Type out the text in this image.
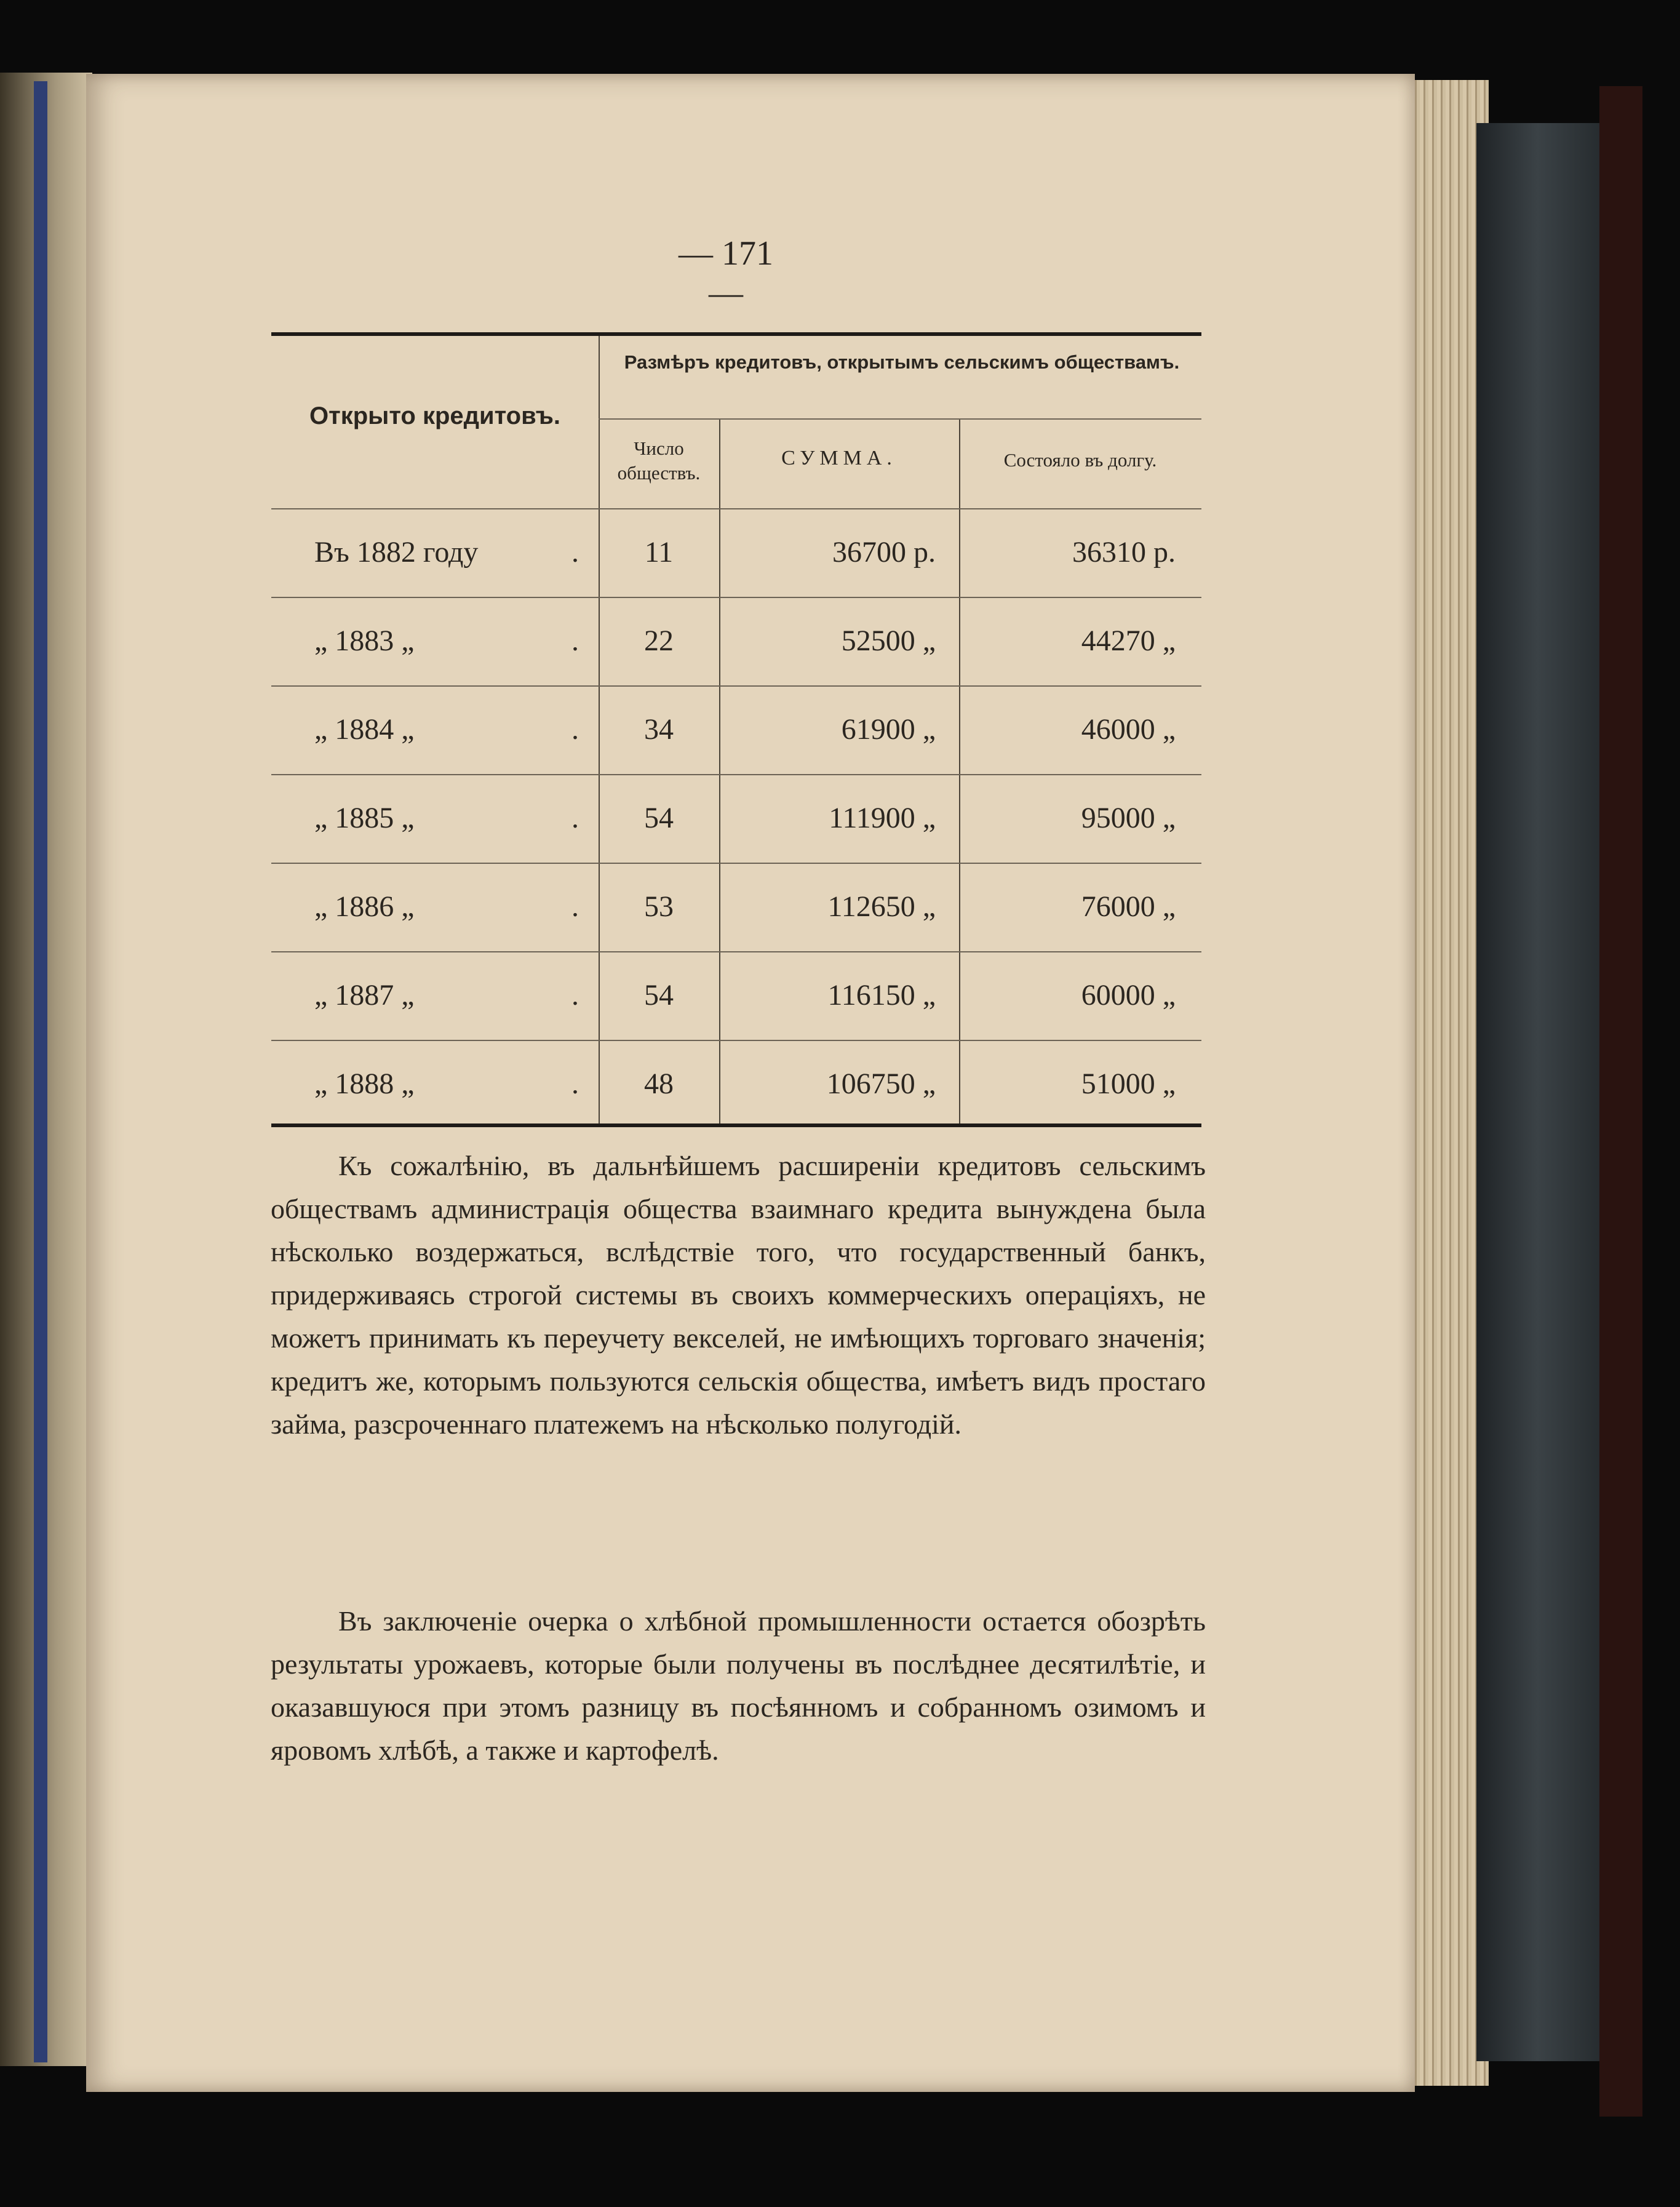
— 171 —
Открыто кредитовъ.
Размѣръ кредитовъ, открытымъ сельскимъ обществамъ.
Число
обществъ.
СУММА.	Состояло въ долгу.
Въ 1882 году	.	11	36700 р.	36310 р.
„ 1883 „	.	22	52500 „	44270 „
„ 1884 „	.	34	61900 „	46000 „
„ 1885 „	.	54	111900 „	95000 „
„ 1886 „	.	53	112650 „	76000 „
„ 1887 „	.	54	116150 „	60000 „
„ 1888 „	.	48	106750 „	51000 „

Къ сожалѣнію, въ дальнѣйшемъ расширеніи кредитовъ сельскимъ обществамъ администрація общества взаимнаго кредита вынуждена была нѣсколько воздержаться, вслѣдствіе того, что государственный банкъ, придерживаясь строгой системы въ своихъ коммерческихъ операціяхъ, не можетъ принимать къ переучету векселей, не имѣющихъ торговаго значенія; кредитъ же, которымъ пользуются сельскія общества, имѣетъ видъ простаго займа, разсроченнаго платежемъ на нѣсколько полугодій.

Въ заключеніе очерка о хлѣбной промышленности остается обозрѣть результаты урожаевъ, которые были получены въ послѣднее десятилѣтіе, и оказавшуюся при этомъ разницу въ посѣянномъ и собранномъ озимомъ и яровомъ хлѣбѣ, а также и картофелѣ.
